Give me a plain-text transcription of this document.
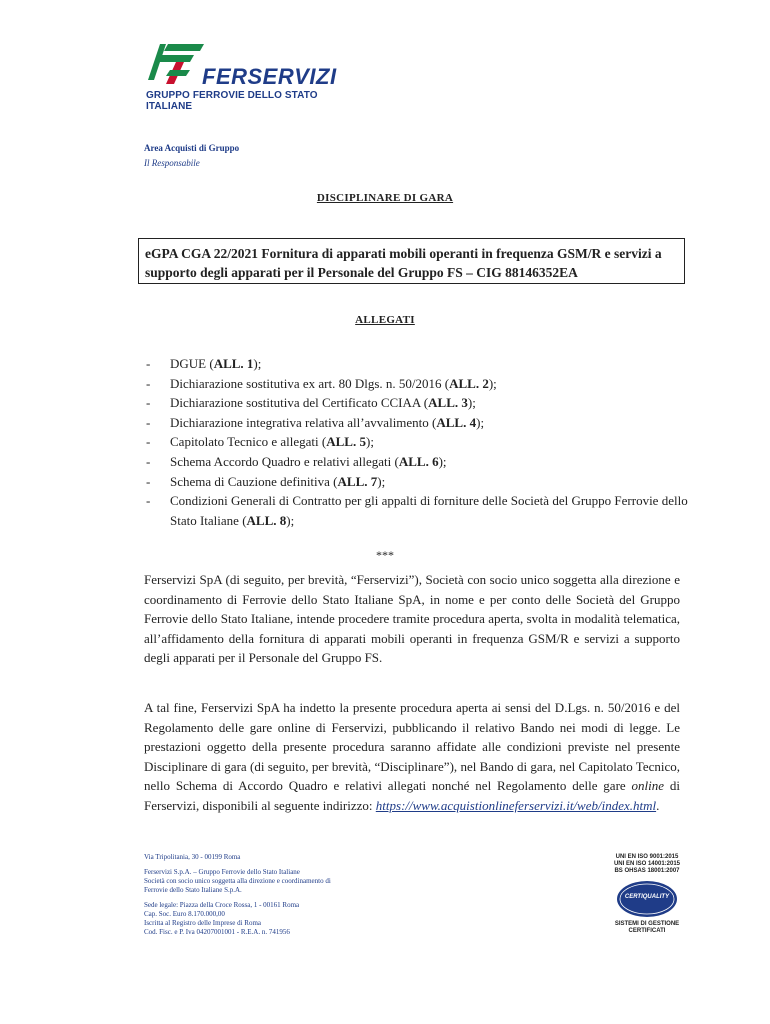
FERSERVIZI
GRUPPO FERROVIE DELLO STATO ITALIANE
Area Acquisti di Gruppo
Il Responsabile
DISCIPLINARE DI GARA
eGPA CGA 22/2021 Fornitura di apparati mobili operanti in frequenza GSM/R e servizi a supporto degli apparati per il Personale del Gruppo FS – CIG 88146352EA
ALLEGATI
- DGUE (ALL. 1);
- Dichiarazione sostitutiva ex art. 80 Dlgs. n. 50/2016 (ALL. 2);
- Dichiarazione sostitutiva del Certificato CCIAA (ALL. 3);
- Dichiarazione integrativa relativa all’avvalimento (ALL. 4);
- Capitolato Tecnico e allegati (ALL. 5);
- Schema Accordo Quadro e relativi allegati (ALL. 6);
- Schema di Cauzione definitiva (ALL. 7);
- Condizioni Generali di Contratto per gli appalti di forniture delle Società del Gruppo Ferrovie dello Stato Italiane (ALL. 8);
***

Ferservizi SpA (di seguito, per brevità, “Ferservizi”), Società con socio unico soggetta alla direzione e coordinamento di Ferrovie dello Stato Italiane SpA, in nome e per conto delle Società del Gruppo Ferrovie dello Stato Italiane, intende procedere tramite procedura aperta, svolta in modalità telematica, all’affidamento della fornitura di apparati mobili operanti in frequenza GSM/R e servizi a supporto degli apparati per il Personale del Gruppo FS.

A tal fine, Ferservizi SpA ha indetto la presente procedura aperta ai sensi del D.Lgs. n. 50/2016 e del Regolamento delle gare online di Ferservizi, pubblicando il relativo Bando nei modi di legge. Le prestazioni oggetto della presente procedura saranno affidate alle condizioni previste nel presente Disciplinare di gara (di seguito, per brevità, “Disciplinare”), nel Bando di gara, nel Capitolato Tecnico, nello Schema di Accordo Quadro e relativi allegati nonché nel Regolamento delle gare online di Ferservizi, disponibili al seguente indirizzo: https://www.acquistionlineferservizi.it/web/index.html.

Via Tripolitania, 30 - 00199 Roma
Ferservizi S.p.A. – Gruppo Ferrovie dello Stato Italiane
Società con socio unico soggetta alla direzione e coordinamento di
Ferrovie dello Stato Italiane S.p.A.
Sede legale: Piazza della Croce Rossa, 1 - 00161 Roma
Cap. Soc. Euro 8.170.000,00
Iscritta al Registro delle Imprese di Roma
Cod. Fisc. e P. Iva 04207001001 - R.E.A. n. 741956
UNI EN ISO 9001:2015
UNI EN ISO 14001:2015
BS OHSAS 18001:2007
CERTIQUALITY
SISTEMI DI GESTIONE
CERTIFICATI
